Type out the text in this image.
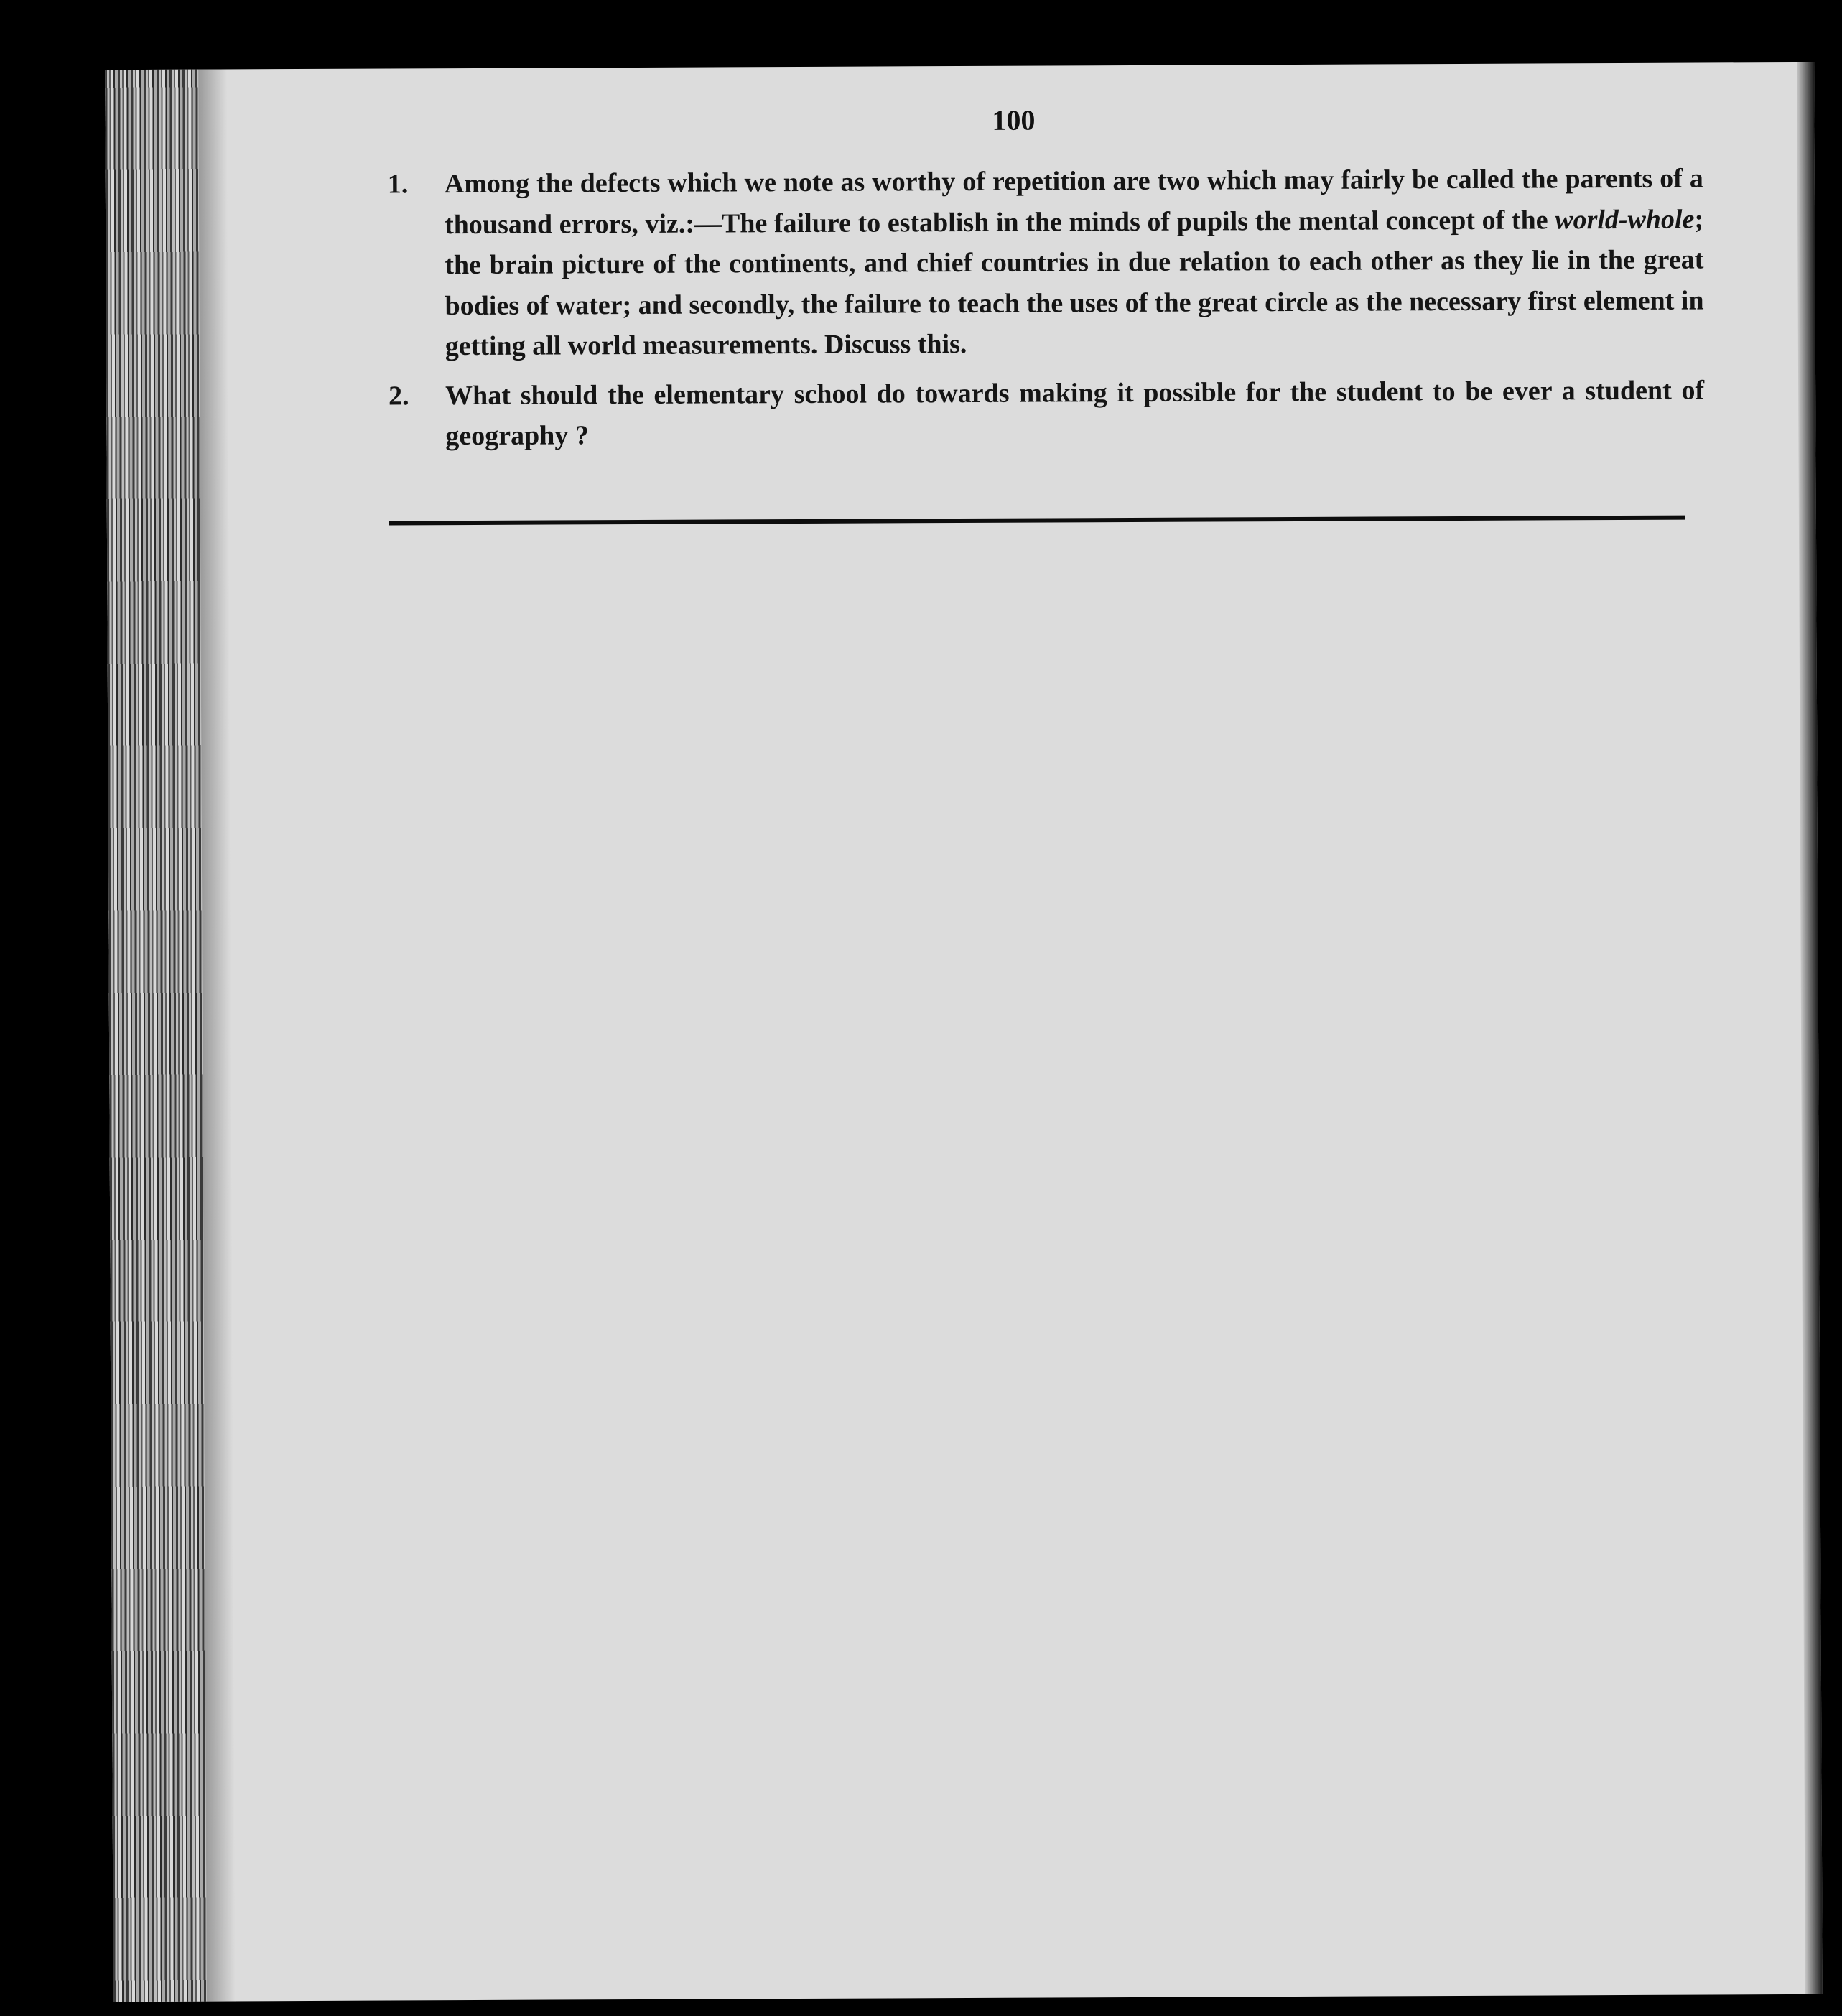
100
1. Among the defects which we note as worthy of repetition are two which may fairly be called the parents of a thousand errors, viz.:—The failure to establish in the minds of pupils the mental concept of the world-whole; the brain picture of the continents, and chief countries in due relation to each other as they lie in the great bodies of water; and secondly, the failure to teach the uses of the great circle as the necessary first element in getting all world measurements. Discuss this.
2. What should the elementary school do towards making it possible for the student to be ever a student of geography ?
